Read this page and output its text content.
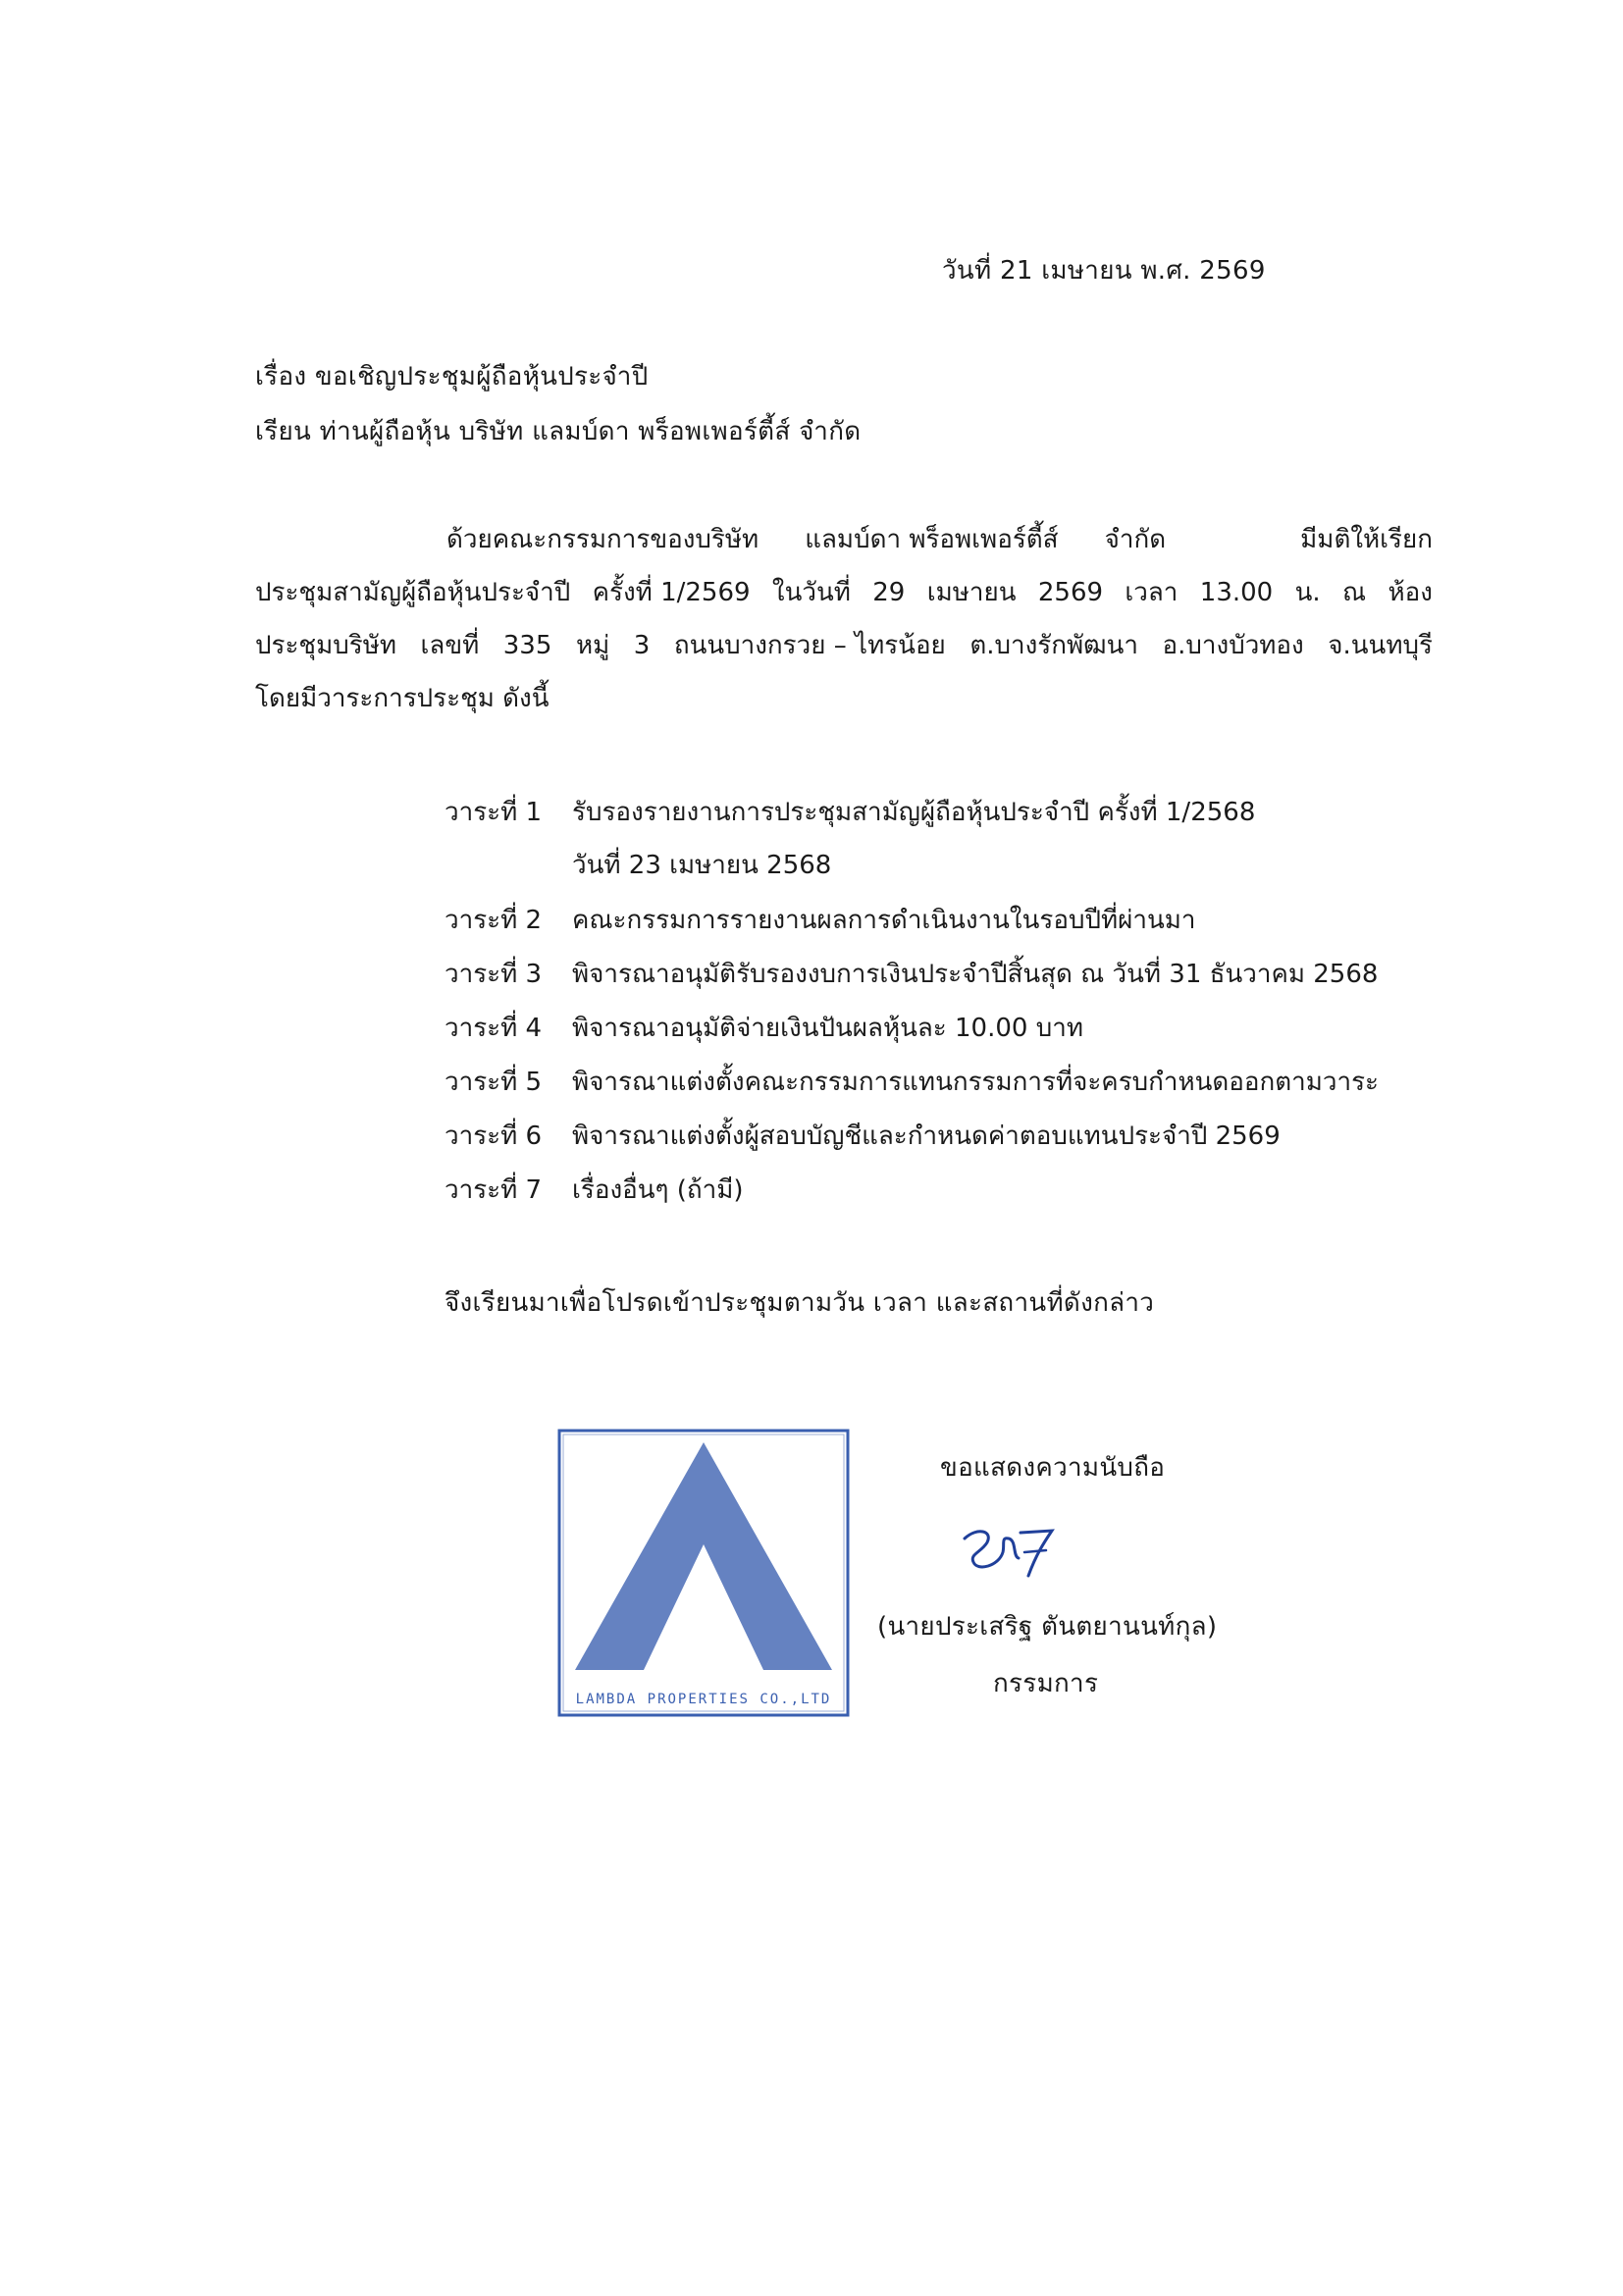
วันที่ 21 เมษายน พ.ศ. 2569
เรื่อง ขอเชิญประชุมผู้ถือหุ้นประจำปี
เรียน ท่านผู้ถือหุ้น บริษัท แลมบ์ดา พร็อพเพอร์ตี้ส์ จำกัด
ด้วยคณะกรรมการของบริษัท แลมบ์ดา พร็อพเพอร์ตี้ส์ จำกัด	มีมติให้เรียก
ประชุมสามัญผู้ถือหุ้นประจำปี ครั้งที่ 1/2569 ในวันที่ 29 เมษายน 2569 เวลา 13.00 น. ณ ห้อง
ประชุมบริษัท เลขที่ 335 หมู่ 3 ถนนบางกรวย – ไทรน้อย ต.บางรักพัฒนา อ.บางบัวทอง จ.นนทบุรี
โดยมีวาระการประชุม ดังนี้
วาระที่ 1 รับรองรายงานการประชุมสามัญผู้ถือหุ้นประจำปี ครั้งที่ 1/2568
วันที่ 23 เมษายน 2568
วาระที่ 2 คณะกรรมการรายงานผลการดำเนินงานในรอบปีที่ผ่านมา
วาระที่ 3 พิจารณาอนุมัติรับรองงบการเงินประจำปีสิ้นสุด ณ วันที่ 31 ธันวาคม 2568
วาระที่ 4 พิจารณาอนุมัติจ่ายเงินปันผลหุ้นละ 10.00 บาท
วาระที่ 5 พิจารณาแต่งตั้งคณะกรรมการแทนกรรมการที่จะครบกำหนดออกตามวาระ
วาระที่ 6 พิจารณาแต่งตั้งผู้สอบบัญชีและกำหนดค่าตอบแทนประจำปี 2569
วาระที่ 7 เรื่องอื่นๆ (ถ้ามี)
จึงเรียนมาเพื่อโปรดเข้าประชุมตามวัน เวลา และสถานที่ดังกล่าว
LAMBDA PROPERTIES CO.,LTD
ขอแสดงความนับถือ
(นายประเสริฐ ตันตยานนท์กุล)
กรรมการ
